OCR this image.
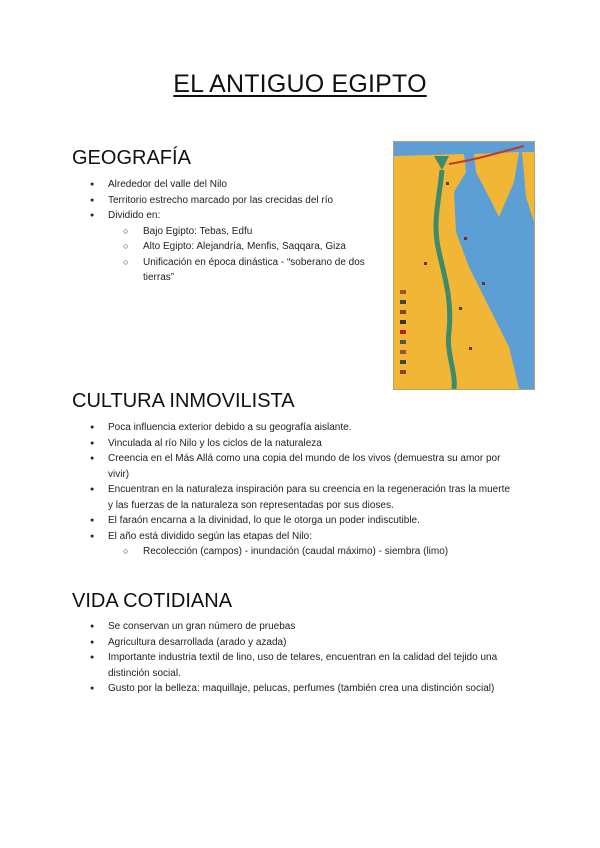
EL ANTIGUO EGIPTO
GEOGRAFÍA
● Alrededor del valle del Nilo
● Territorio estrecho marcado por las crecidas del río
● Dividido en:
○ Bajo Egipto: Tebas, Edfu
○ Alto Egipto: Alejandría, Menfis, Saqqara, Giza
○ Unificación en época dinástica - “soberano de dos tierras”
CULTURA INMOVILISTA
● Poca influencia exterior debido a su geografía aislante.
● Vinculada al río Nilo y los ciclos de la naturaleza
● Creencia en el Más Allá como una copia del mundo de los vivos (demuestra su amor por vivir)
● Encuentran en la naturaleza inspiración para su creencia en la regeneración tras la muerte y las fuerzas de la naturaleza son representadas por sus dioses.
● El faraón encarna a la divinidad, lo que le otorga un poder indiscutible.
● El año está dividido según las etapas del Nilo:
○ Recolección (campos) - inundación (caudal máximo) - siembra (limo)
VIDA COTIDIANA
● Se conservan un gran número de pruebas
● Agricultura desarrollada (arado y azada)
● Importante industria textil de lino, uso de telares, encuentran en la calidad del tejido una distinción social.
● Gusto por la belleza: maquillaje, pelucas, perfumes (también crea una distinción social)
